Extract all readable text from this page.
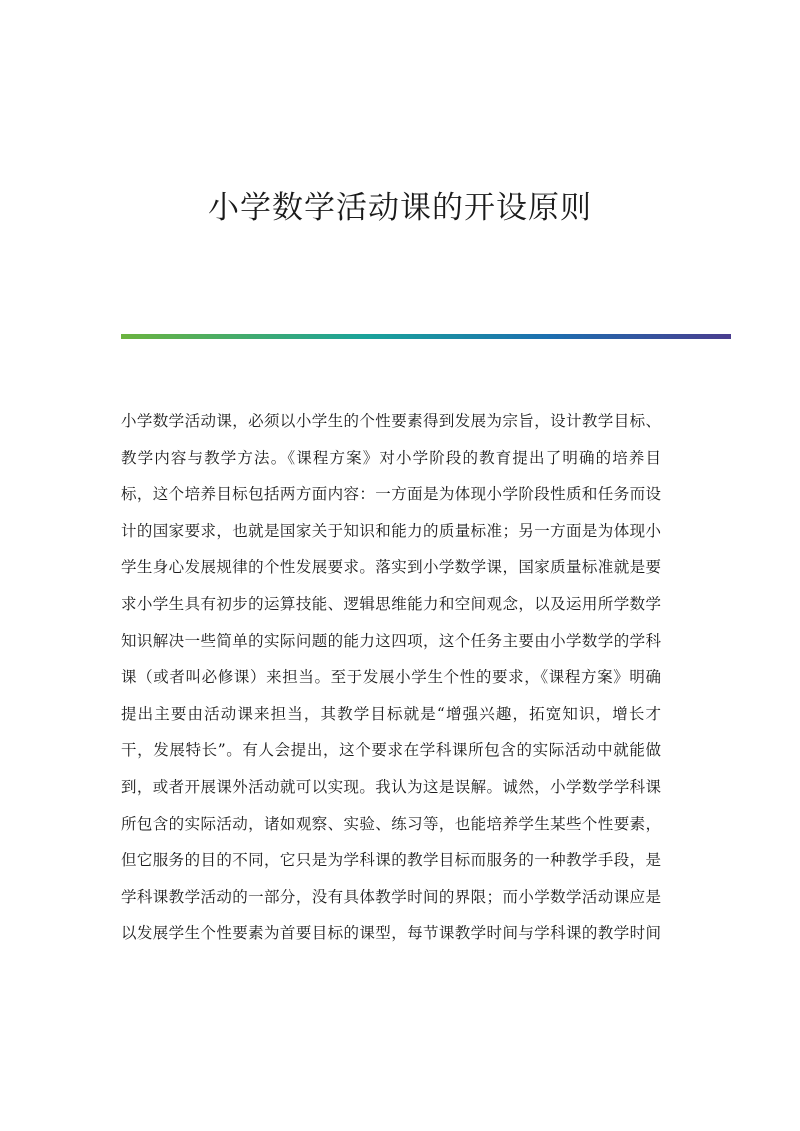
小学数学活动课的开设原则
小学数学活动课，必须以小学生的个性要素得到发展为宗旨，设计教学目标、
教学内容与教学方法。《课程方案》对小学阶段的教育提出了明确的培养目
标，这个培养目标包括两方面内容：一方面是为体现小学阶段性质和任务而设
计的国家要求，也就是国家关于知识和能力的质量标准；另一方面是为体现小
学生身心发展规律的个性发展要求。落实到小学数学课，国家质量标准就是要
求小学生具有初步的运算技能、逻辑思维能力和空间观念，以及运用所学数学
知识解决一些简单的实际问题的能力这四项，这个任务主要由小学数学的学科
课（或者叫必修课）来担当。至于发展小学生个性的要求，《课程方案》明确
提出主要由活动课来担当，其教学目标就是“增强兴趣，拓宽知识，增长才
干，发展特长”。有人会提出，这个要求在学科课所包含的实际活动中就能做
到，或者开展课外活动就可以实现。我认为这是误解。诚然，小学数学学科课
所包含的实际活动，诸如观察、实验、练习等，也能培养学生某些个性要素，
但它服务的目的不同，它只是为学科课的教学目标而服务的一种教学手段，是
学科课教学活动的一部分，没有具体教学时间的界限；而小学数学活动课应是
以发展学生个性要素为首要目标的课型，每节课教学时间与学科课的教学时间
